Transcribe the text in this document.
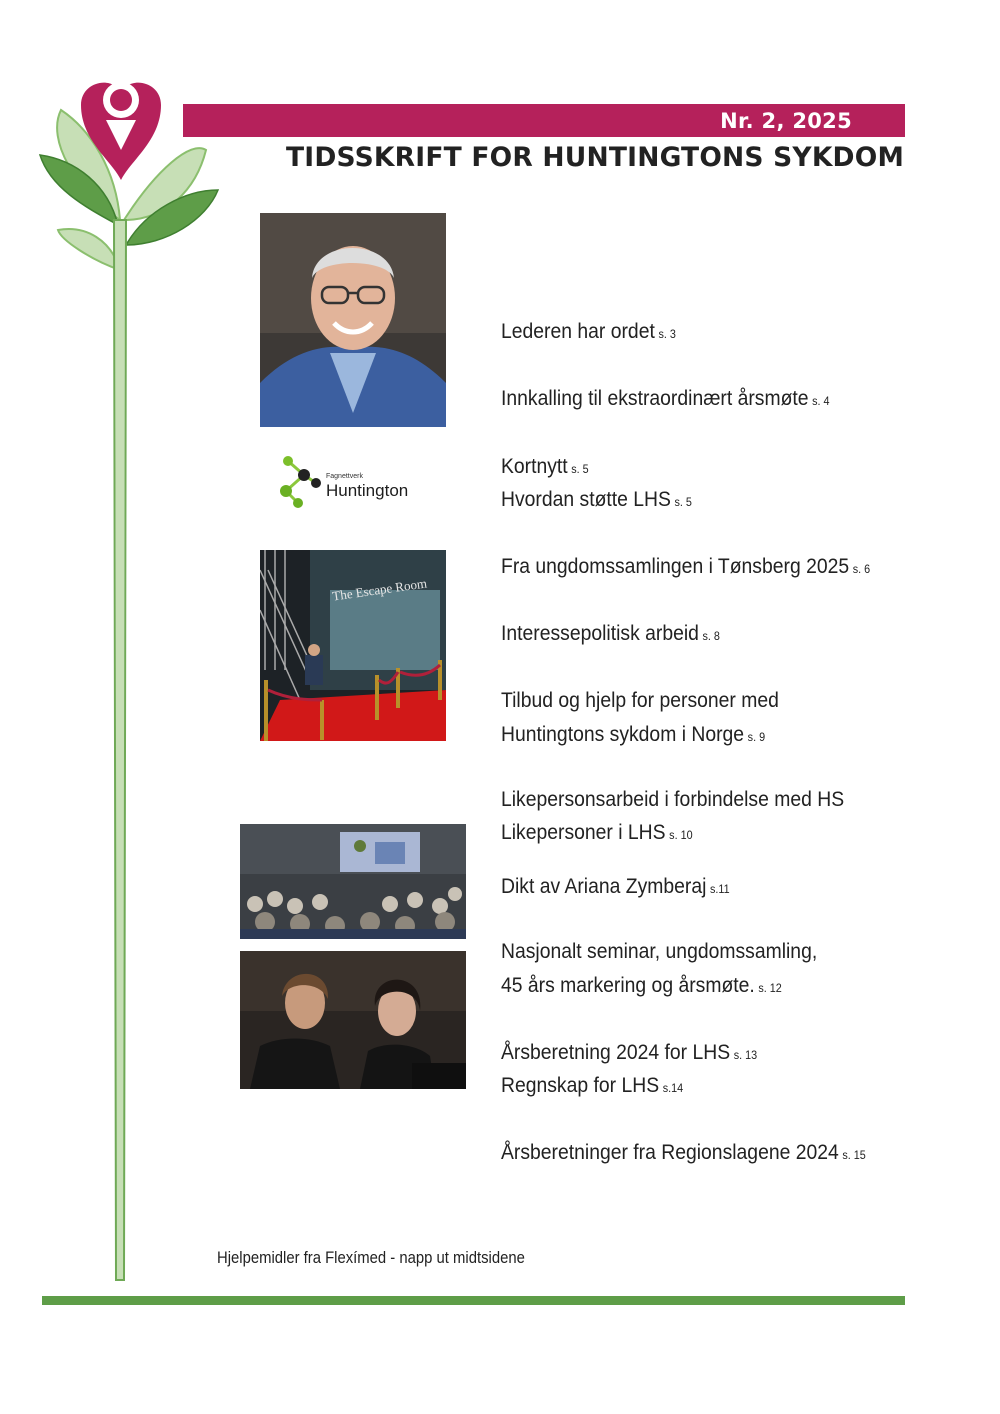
Nr. 2, 2025
TIDSSKRIFT FOR HUNTINGTONS SYKDOM
Fagnettverk
Huntington
The Escape Room
Lederen har ordet s. 3
Innkalling til ekstraordinært årsmøte s. 4
Kortnytt s. 5
Hvordan støtte LHS s. 5
Fra ungdomssamlingen i Tønsberg 2025 s. 6
Interessepolitisk arbeid s. 8
Tilbud og hjelp for personer med
Huntingtons sykdom i Norge s. 9
Likepersonsarbeid i forbindelse med HS
Likepersoner i LHS s. 10
Dikt av Ariana Zymberaj s.11
Nasjonalt seminar, ungdomssamling,
45 års markering og årsmøte. s. 12
Årsberetning 2024 for LHS s. 13
Regnskap for LHS s.14
Årsberetninger fra Regionslagene 2024 s. 15
Hjelpemidler fra Flexímed - napp ut midtsidene
